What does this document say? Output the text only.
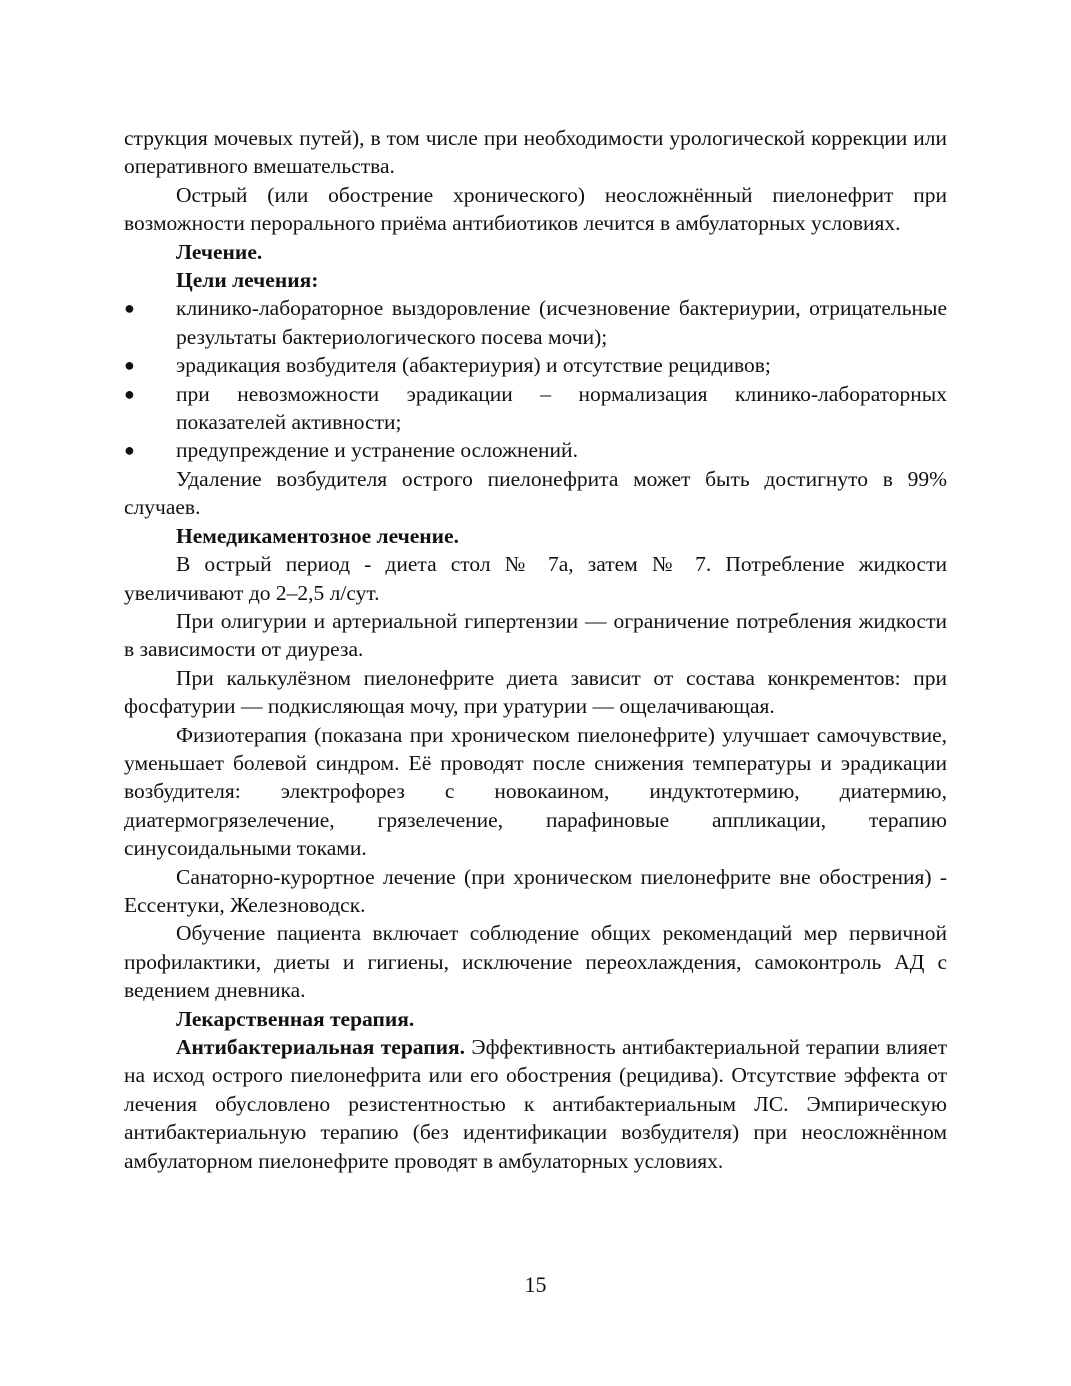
струкция мочевых путей), в том числе при необходимости урологической коррекции или оперативного вмешательства.

Острый (или обострение хронического) неосложнённый пиелонефрит при возможности перорального приёма антибиотиков лечится в амбулаторных условиях.

Лечение.

Цели лечения:

●	клинико-лабораторное выздоровление (исчезновение бактериурии, отрицательные результаты бактериологического посева мочи);
●	эрадикация возбудителя (абактериурия) и отсутствие рецидивов;
●	при невозможности эрадикации – нормализация клинико-лабораторных показателей активности;
●	предупреждение и устранение осложнений.

Удаление возбудителя острого пиелонефрита может быть достигнуто в 99% случаев.

Немедикаментозное лечение.

В острый период - диета стол № 7а, затем № 7. Потребление жидкости увеличивают до 2–2,5 л/сут.

При олигурии и артериальной гипертензии — ограничение потребления жидкости в зависимости от диуреза.

При калькулёзном пиелонефрите диета зависит от состава конкрементов: при фосфатурии — подкисляющая мочу, при уратурии — ощелачивающая.

Физиотерапия (показана при хроническом пиелонефрите) улучшает самочувствие, уменьшает болевой синдром. Её проводят после снижения температуры и эрадикации возбудителя: электрофорез с новокаином, индуктотермию, диатермию, диатермогрязелечение, грязелечение, парафиновые аппликации, терапию синусоидальными токами.

Санаторно-курортное лечение (при хроническом пиелонефрите вне обострения) - Ессентуки, Железноводск.

Обучение пациента включает соблюдение общих рекомендаций мер первичной профилактики, диеты и гигиены, исключение переохлаждения, самоконтроль АД с ведением дневника.

Лекарственная терапия.

Антибактериальная терапия. Эффективность антибактериальной терапии влияет на исход острого пиелонефрита или его обострения (рецидива). Отсутствие эффекта от лечения обусловлено резистентностью к антибактериальным ЛС. Эмпирическую антибактериальную терапию (без идентификации возбудителя) при неосложнённом амбулаторном пиелонефрите проводят в амбулаторных условиях.

15
